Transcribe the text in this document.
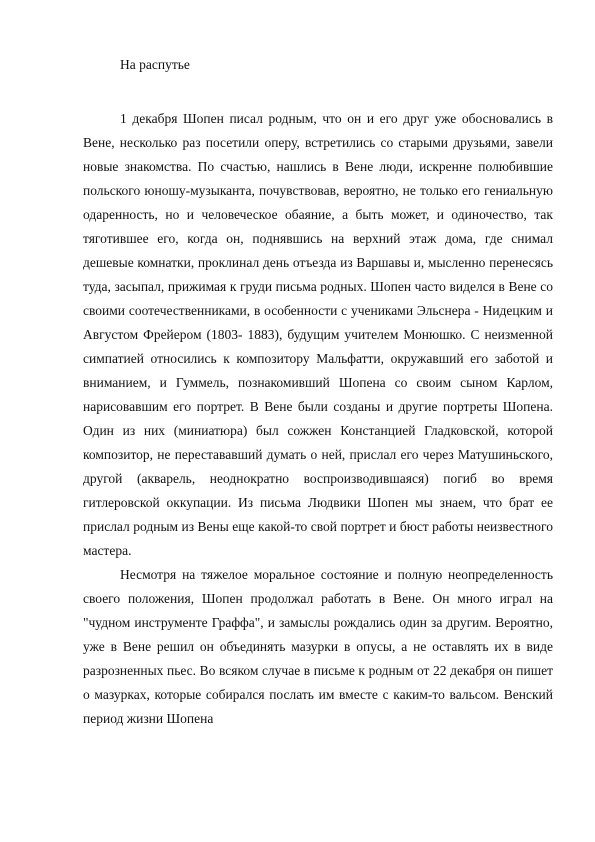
На распутье

1 декабря Шопен писал родным, что он и его друг уже обосновались в Вене, несколько раз посетили оперу, встретились со старыми друзьями, завели новые знакомства. По счастью, нашлись в Вене люди, искренне полюбившие польского юношу-музыканта, почувствовав, вероятно, не только его гениальную одаренность, но и человеческое обаяние, а быть может, и одиночество, так тяготившее его, когда он, поднявшись на верхний этаж дома, где снимал дешевые комнатки, проклинал день отъезда из Варшавы и, мысленно перенесясь туда, засыпал, прижимая к груди письма родных. Шопен часто виделся в Вене со своими соотечественниками, в особенности с учениками Эльснера - Нидецким и Августом Фрейером (1803- 1883), будущим учителем Монюшко. С неизменной симпатией относились к композитору Мальфатти, окружавший его заботой и вниманием, и Гуммель, познакомивший Шопена со своим сыном Карлом, нарисовавшим его портрет. В Вене были созданы и другие портреты Шопена. Один из них (миниатюра) был сожжен Констанцией Гладковской, которой композитор, не перестававший думать о ней, прислал его через Матушиньского, другой (акварель, неоднократно воспроизводившаяся) погиб во время гитлеровской оккупации. Из письма Людвики Шопен мы знаем, что брат ее прислал родным из Вены еще какой-то свой портрет и бюст работы неизвестного мастера.

Несмотря на тяжелое моральное состояние и полную неопределенность своего положения, Шопен продолжал работать в Вене. Он много играл на "чудном инструменте Граффа", и замыслы рождались один за другим. Вероятно, уже в Вене решил он объединять мазурки в опусы, а не оставлять их в виде разрозненных пьес. Во всяком случае в письме к родным от 22 декабря он пишет о мазурках, которые собирался послать им вместе с каким-то вальсом. Венский период жизни Шопена
